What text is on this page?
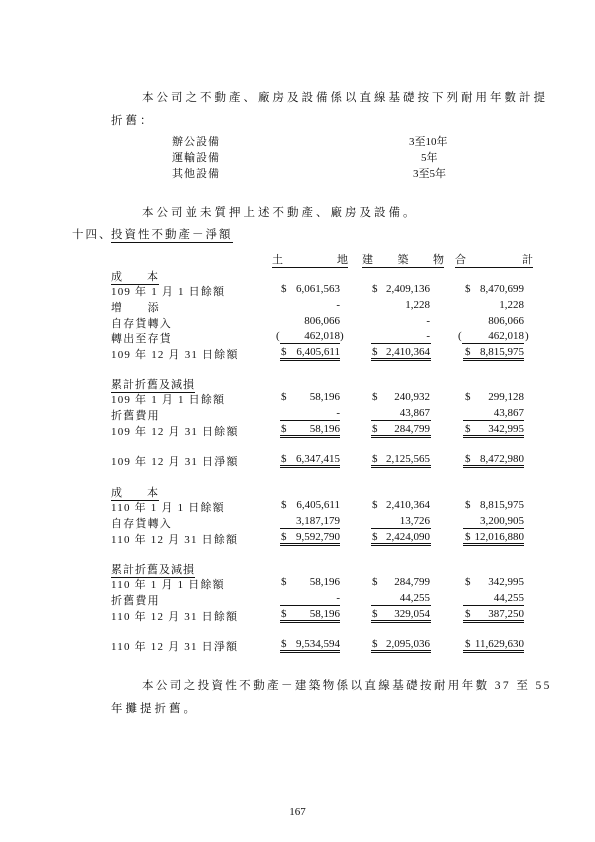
本公司之不動產、廠房及設備係以直線基礎按下列耐用年數計提
折舊：
辦公設備	3至10年
運輸設備	5年
其他設備	3至5年
本公司並未質押上述不動產、廠房及設備。
十四、
投資性不動產－淨額
土	地 建 築 物 合	計
成　　本
109 年 1 月 1 日餘額	$ 6,061,563	$ 2,409,136	$ 8,470,699
增　　添	-	1,228	1,228
自存貨轉入	806,066	-	806,066
轉出至存貨	( 462,018 )	-	( 462,018 )
109 年 12 月 31 日餘額	$ 6,405,611	$ 2,410,364	$ 8,815,975
累計折舊及減損
109 年 1 月 1 日餘額	$ 58,196	$ 240,932	$ 299,128
折舊費用	-	43,867	43,867
109 年 12 月 31 日餘額	$ 58,196	$ 284,799	$ 342,995
109 年 12 月 31 日淨額	$ 6,347,415	$ 2,125,565	$ 8,472,980
成　　本
110 年 1 月 1 日餘額	$ 6,405,611	$ 2,410,364	$ 8,815,975
自存貨轉入	3,187,179	13,726	3,200,905
110 年 12 月 31 日餘額	$ 9,592,790	$ 2,424,090	$ 12,016,880
累計折舊及減損
110 年 1 月 1 日餘額	$ 58,196	$ 284,799	$ 342,995
折舊費用	-	44,255	44,255
110 年 12 月 31 日餘額	$ 58,196	$ 329,054	$ 387,250
110 年 12 月 31 日淨額	$ 9,534,594	$ 2,095,036	$ 11,629,630
本公司之投資性不動產－建築物係以直線基礎按耐用年數 37 至 55
年攤提折舊。
167
